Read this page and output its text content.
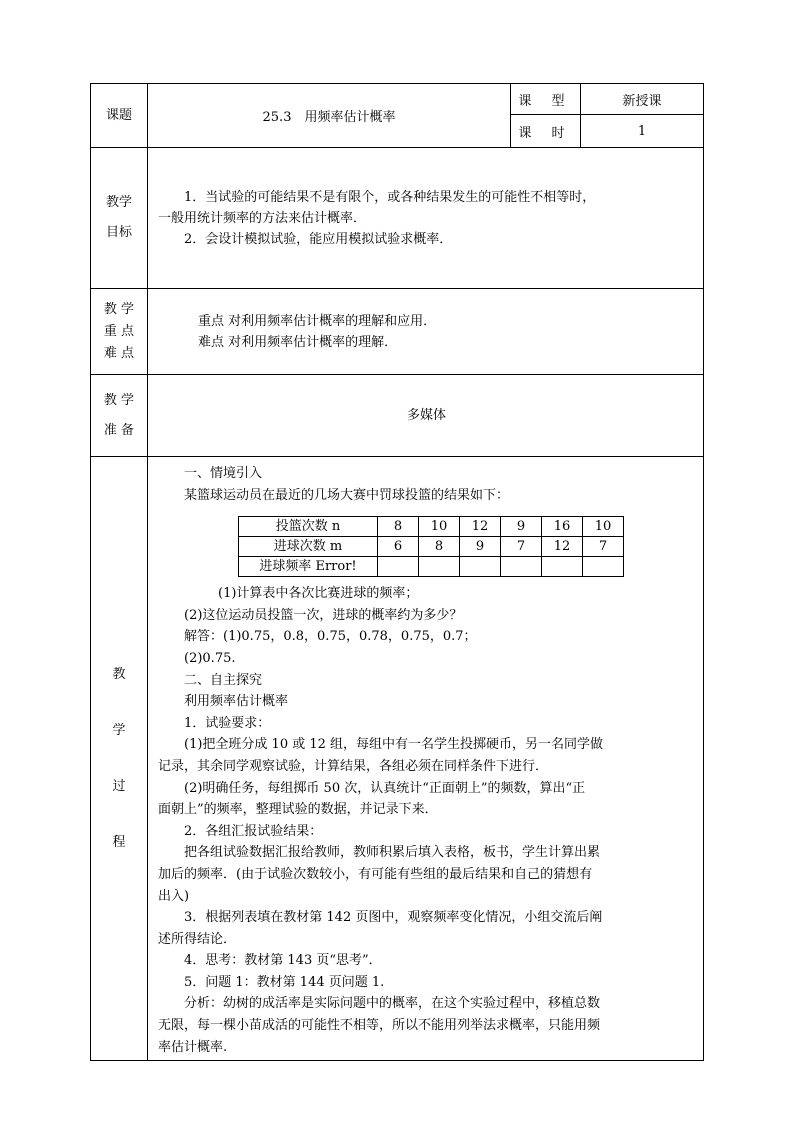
课题	25.3　用频率估计概率	课 型	新授课
课 时	1

教学
目标

1．当试验的可能结果不是有限个，或各种结果发生的可能性不相等时，

一般用统计频率的方法来估计概率．

2．会设计模拟试验，能应用模拟试验求概率．

教 学
重 点
难 点

重点 对利用频率估计概率的理解和应用．

难点 对利用频率估计概率的理解．

教 学
准 备
	多媒体

教
学
过
程

一、情境引入

某篮球运动员在最近的几场大赛中罚球投篮的结果如下：

投篮次数 n	8	10	12	9	16	10
进球次数 m	6	8	9	7	12	7
进球频率 Error!						

(1)计算表中各次比赛进球的频率；

(2)这位运动员投篮一次，进球的概率约为多少？

解答：(1)0.75，0.8，0.75，0.78，0.75，0.7；

(2)0.75.

二、自主探究

利用频率估计概率

1．试验要求：

(1)把全班分成 10 或 12 组，每组中有一名学生投掷硬币，另一名同学做

记录，其余同学观察试验，计算结果，各组必须在同样条件下进行．

(2)明确任务，每组掷币 50 次，认真统计“正面朝上”的频数，算出“正

面朝上”的频率，整理试验的数据，并记录下来．

2．各组汇报试验结果：

把各组试验数据汇报给教师，教师积累后填入表格，板书，学生计算出累

加后的频率．(由于试验次数较小，有可能有些组的最后结果和自己的猜想有

出入)

3．根据列表填在教材第 142 页图中，观察频率变化情况，小组交流后阐

述所得结论．

4．思考：教材第 143 页“思考”．

5．问题 1：教材第 144 页问题 1.

分析：幼树的成活率是实际问题中的概率，在这个实验过程中，移植总数

无限，每一棵小苗成活的可能性不相等，所以不能用列举法求概率，只能用频

率估计概率.
